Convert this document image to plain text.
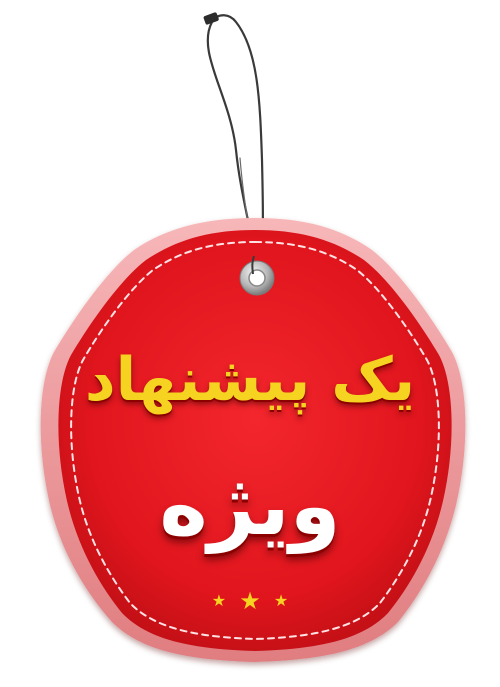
یک پیشنهاد
ویژه
★ ★ ★
